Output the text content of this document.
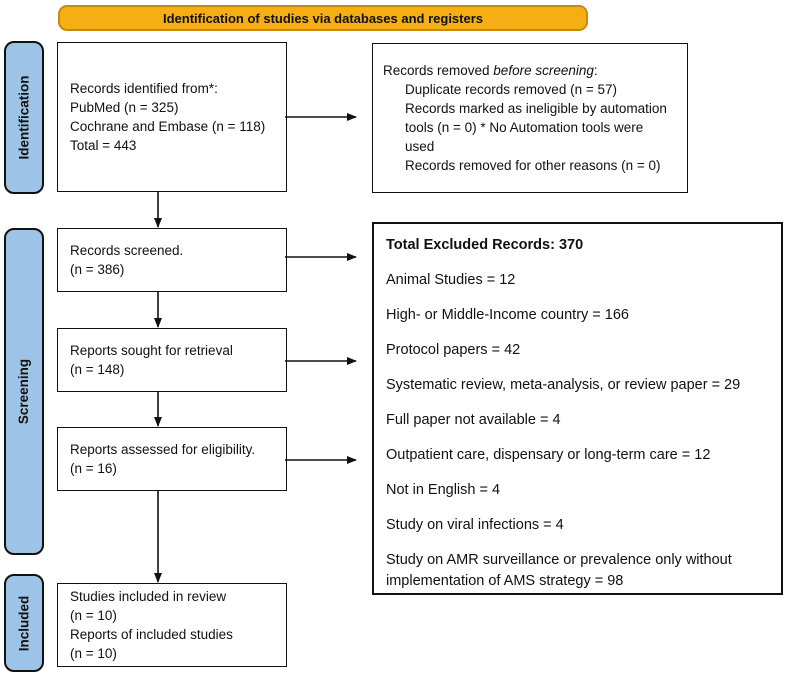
Identification of studies via databases and registers
Identification
Screening
Included
Records identified from*:
PubMed (n = 325)
Cochrane and Embase (n = 118)
Total = 443
Records removed before screening:
Duplicate records removed (n = 57)
Records marked as ineligible by automation
tools (n = 0) * No Automation tools were
used
Records removed for other reasons (n = 0)
Records screened.
(n = 386)
Reports sought for retrieval
(n = 148)
Reports assessed for eligibility.
(n = 16)
Studies included in review
(n = 10)
Reports of included studies
(n = 10)
Total Excluded Records: 370
Animal Studies = 12
High- or Middle-Income country = 166
Protocol papers = 42
Systematic review, meta-analysis, or review paper = 29
Full paper not available = 4
Outpatient care, dispensary or long-term care = 12
Not in English = 4
Study on viral infections = 4
Study on AMR surveillance or prevalence only without implementation of AMS strategy = 98
